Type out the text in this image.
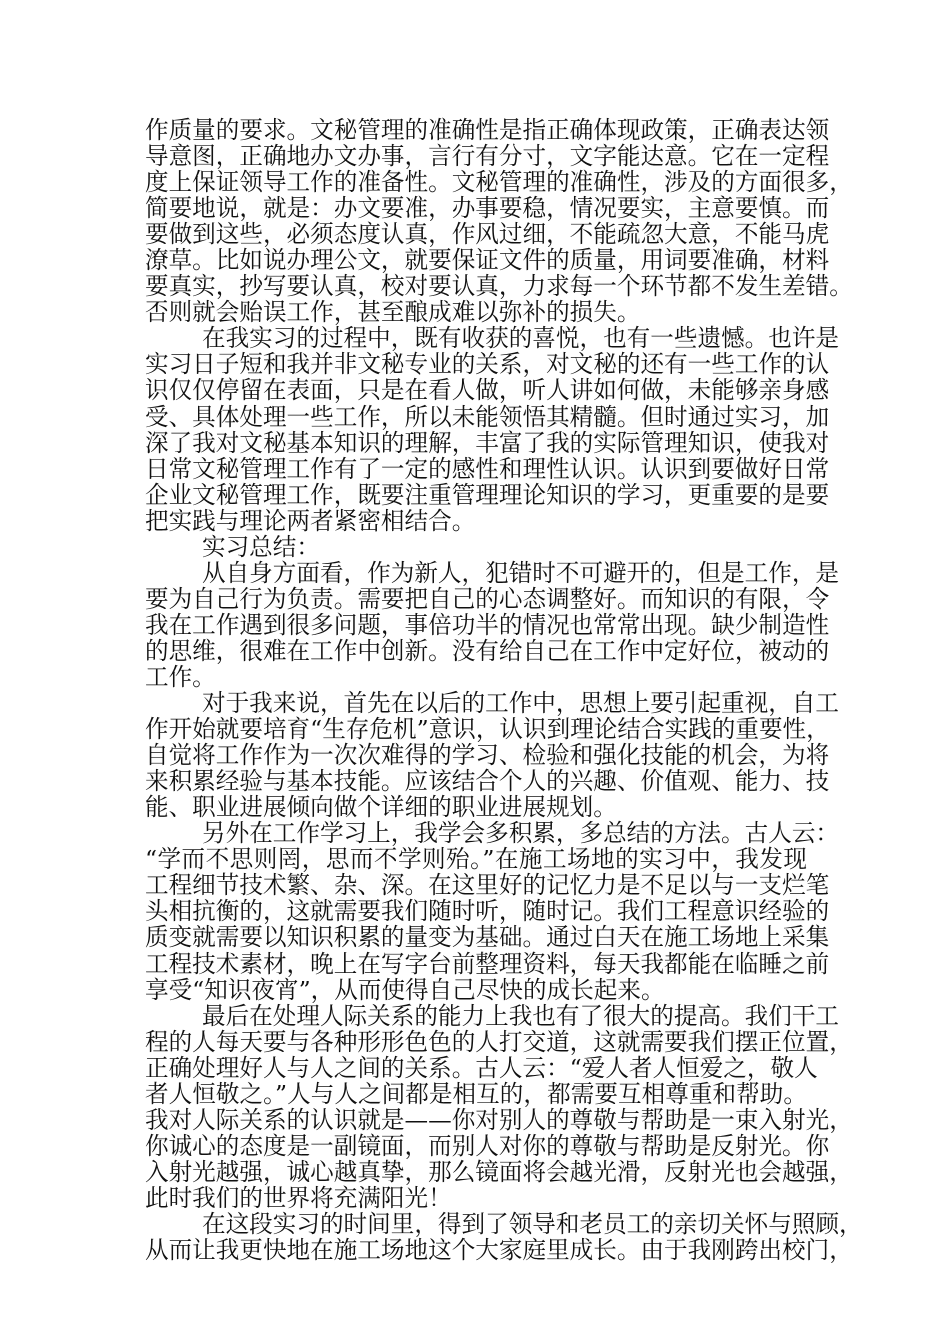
作质量的要求。文秘管理的准确性是指正确体现政策，正确表达领
导意图，正确地办文办事，言行有分寸，文字能达意。它在一定程
度上保证领导工作的准备性。文秘管理的准确性，涉及的方面很多，
简要地说，就是：办文要准，办事要稳，情况要实，主意要慎。而
要做到这些，必须态度认真，作风过细，不能疏忽大意，不能马虎
潦草。比如说办理公文，就要保证文件的质量，用词要准确，材料
要真实，抄写要认真，校对要认真，力求每一个环节都不发生差错。
否则就会贻误工作，甚至酿成难以弥补的损失。
在我实习的过程中，既有收获的喜悦，也有一些遗憾。也许是
实习日子短和我并非文秘专业的关系，对文秘的还有一些工作的认
识仅仅停留在表面，只是在看人做，听人讲如何做，未能够亲身感
受、具体处理一些工作，所以未能领悟其精髓。但时通过实习，加
深了我对文秘基本知识的理解，丰富了我的实际管理知识，使我对
日常文秘管理工作有了一定的感性和理性认识。认识到要做好日常
企业文秘管理工作，既要注重管理理论知识的学习，更重要的是要
把实践与理论两者紧密相结合。
实习总结：
从自身方面看，作为新人，犯错时不可避开的，但是工作，是
要为自己行为负责。需要把自己的心态调整好。而知识的有限，令
我在工作遇到很多问题，事倍功半的情况也常常出现。缺少制造性
的思维，很难在工作中创新。没有给自己在工作中定好位，被动的
工作。
对于我来说，首先在以后的工作中，思想上要引起重视，自工
作开始就要培育“生存危机”意识，认识到理论结合实践的重要性，
自觉将工作作为一次次难得的学习、检验和强化技能的机会，为将
来积累经验与基本技能。应该结合个人的兴趣、价值观、能力、技
能、职业进展倾向做个详细的职业进展规划。
另外在工作学习上，我学会多积累，多总结的方法。古人云：
“学而不思则罔，思而不学则殆。”在施工场地的实习中，我发现
工程细节技术繁、杂、深。在这里好的记忆力是不足以与一支烂笔
头相抗衡的，这就需要我们随时听，随时记。我们工程意识经验的
质变就需要以知识积累的量变为基础。通过白天在施工场地上采集
工程技术素材，晚上在写字台前整理资料，每天我都能在临睡之前
享受“知识夜宵”，从而使得自己尽快的成长起来。
最后在处理人际关系的能力上我也有了很大的提高。我们干工
程的人每天要与各种形形色色的人打交道，这就需要我们摆正位置，
正确处理好人与人之间的关系。古人云：“爱人者人恒爱之，敬人
者人恒敬之。”人与人之间都是相互的，都需要互相尊重和帮助。
我对人际关系的认识就是——你对别人的尊敬与帮助是一束入射光，
你诚心的态度是一副镜面，而别人对你的尊敬与帮助是反射光。你
入射光越强，诚心越真挚，那么镜面将会越光滑，反射光也会越强，
此时我们的世界将充满阳光！
在这段实习的时间里，得到了领导和老员工的亲切关怀与照顾，
从而让我更快地在施工场地这个大家庭里成长。由于我刚跨出校门，
